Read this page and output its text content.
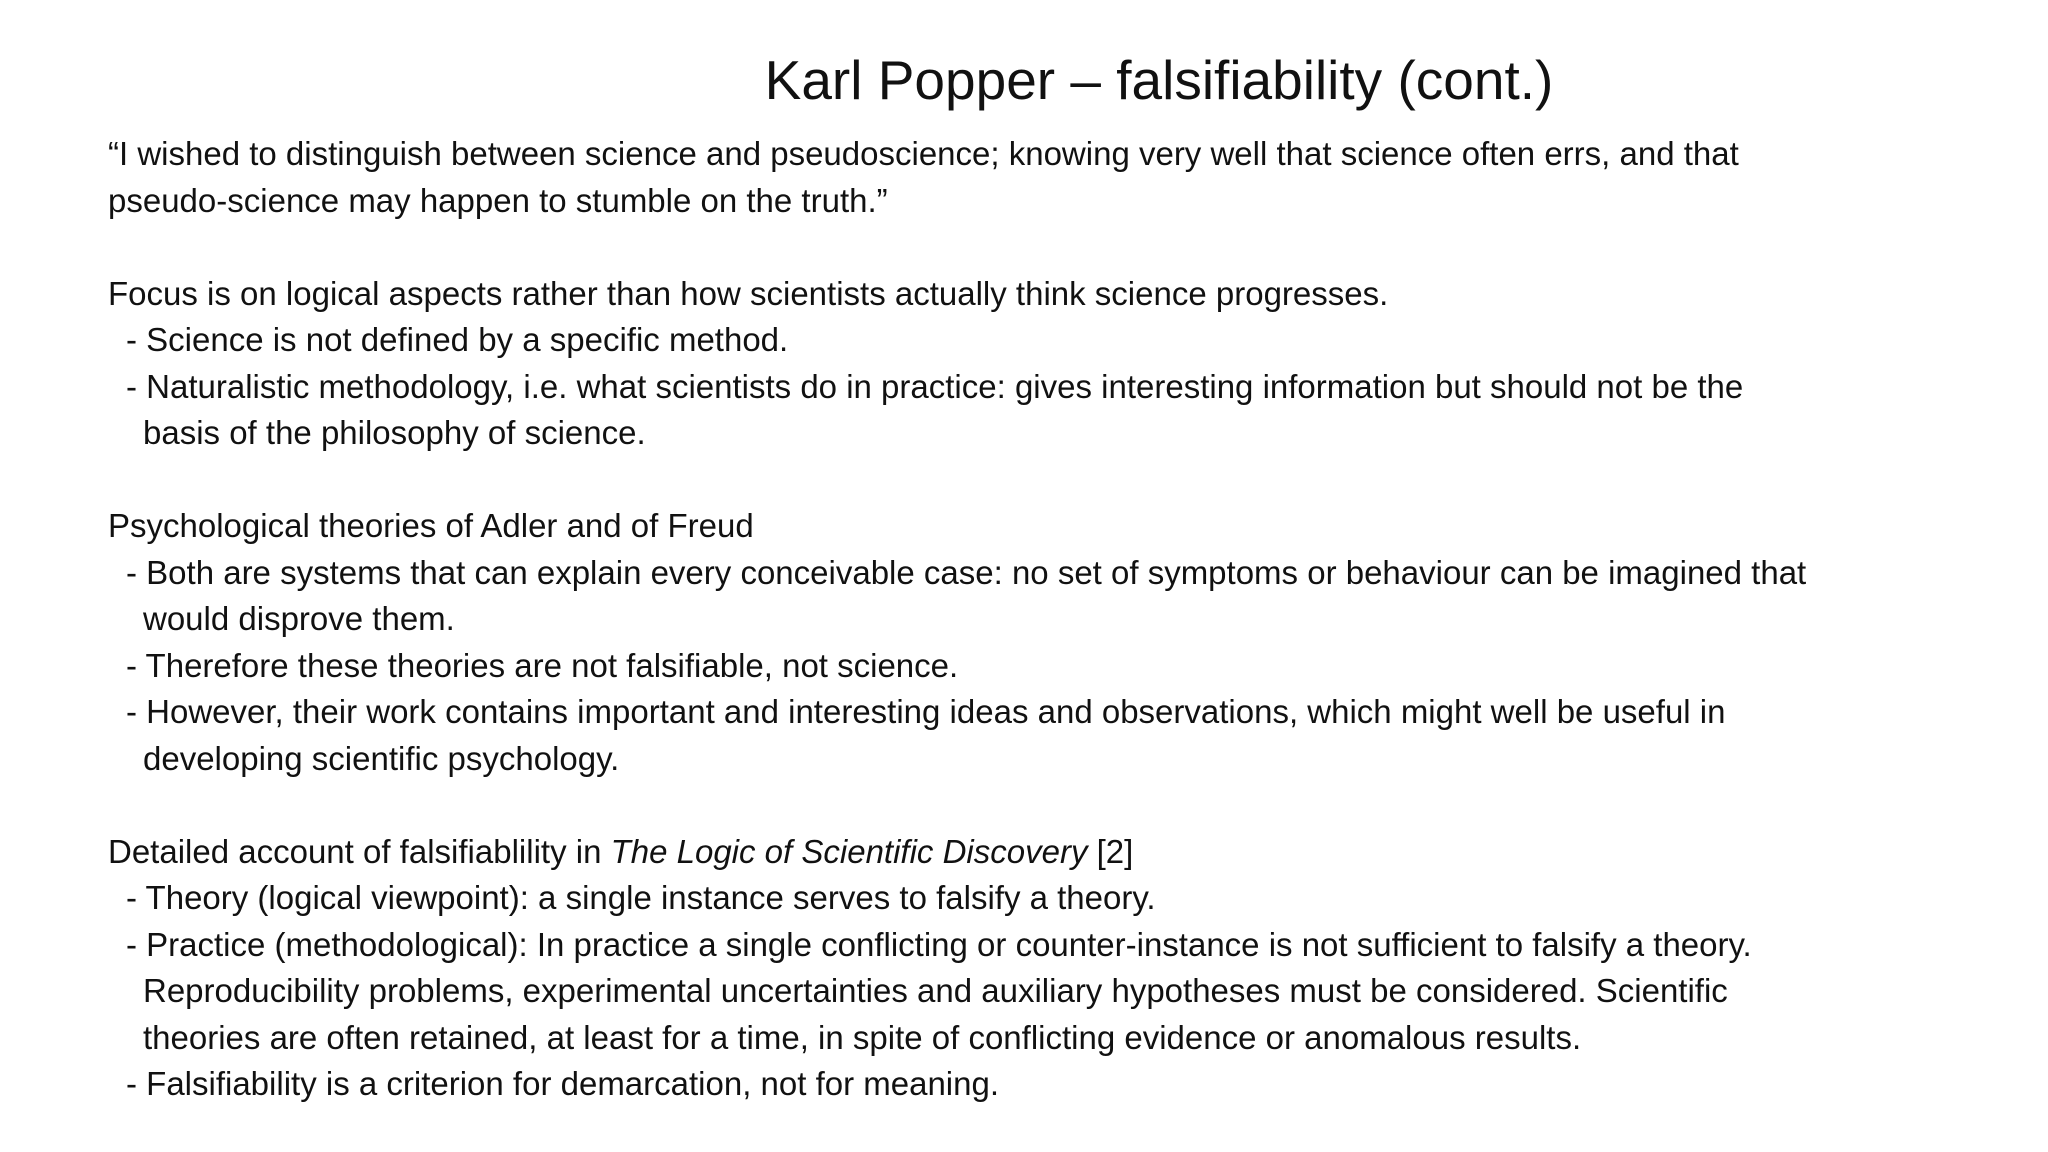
Karl Popper – falsifiability (cont.)
“I wished to distinguish between science and pseudoscience; knowing very well that science often errs, and that
pseudo-science may happen to stumble on the truth.”
Focus is on logical aspects rather than how scientists actually think science progresses.
- Science is not defined by a specific method.
- Naturalistic methodology, i.e. what scientists do in practice: gives interesting information but should not be the
basis of the philosophy of science.
Psychological theories of Adler and of Freud
- Both are systems that can explain every conceivable case: no set of symptoms or behaviour can be imagined that
would disprove them.
- Therefore these theories are not falsifiable, not science.
- However, their work contains important and interesting ideas and observations, which might well be useful in
developing scientific psychology.
Detailed account of falsifiablility in The Logic of Scientific Discovery [2]
- Theory (logical viewpoint): a single instance serves to falsify a theory.
- Practice (methodological): In practice a single conflicting or counter-instance is not sufficient to falsify a theory.
Reproducibility problems, experimental uncertainties and auxiliary hypotheses must be considered. Scientific
theories are often retained, at least for a time, in spite of conflicting evidence or anomalous results.
- Falsifiability is a criterion for demarcation, not for meaning.
